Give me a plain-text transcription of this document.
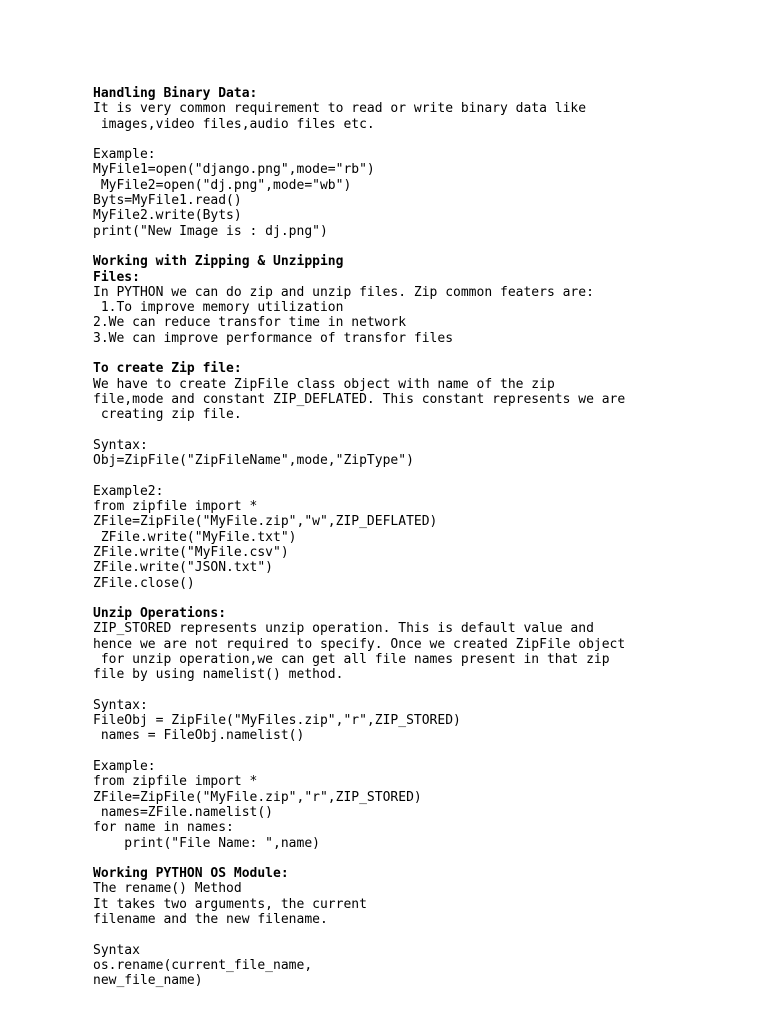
Handling Binary Data:
It is very common requirement to read or write binary data like
images,video files,audio files etc.
Example:
MyFile1=open("django.png",mode="rb")
MyFile2=open("dj.png",mode="wb")
Byts=MyFile1.read()
MyFile2.write(Byts)
print("New Image is : dj.png")
Working with Zipping & Unzipping
Files:
In PYTHON we can do zip and unzip files. Zip common featers are:
1.To improve memory utilization
2.We can reduce transfor time in network
3.We can improve performance of transfor files
To create Zip file:
We have to create ZipFile class object with name of the zip
file,mode and constant ZIP_DEFLATED. This constant represents we are
creating zip file.
Syntax:
Obj=ZipFile("ZipFileName",mode,"ZipType")
Example2:
from zipfile import *
ZFile=ZipFile("MyFile.zip","w",ZIP_DEFLATED)
ZFile.write("MyFile.txt")
ZFile.write("MyFile.csv")
ZFile.write("JSON.txt")
ZFile.close()
Unzip Operations:
ZIP_STORED represents unzip operation. This is default value and
hence we are not required to specify. Once we created ZipFile object
for unzip operation,we can get all file names present in that zip
file by using namelist() method.
Syntax:
FileObj = ZipFile("MyFiles.zip","r",ZIP_STORED)
names = FileObj.namelist()
Example:
from zipfile import *
ZFile=ZipFile("MyFile.zip","r",ZIP_STORED)
names=ZFile.namelist()
for name in names:
print("File Name: ",name)
Working PYTHON OS Module:
The rename() Method
It takes two arguments, the current
filename and the new filename.
Syntax
os.rename(current_file_name,
new_file_name)
